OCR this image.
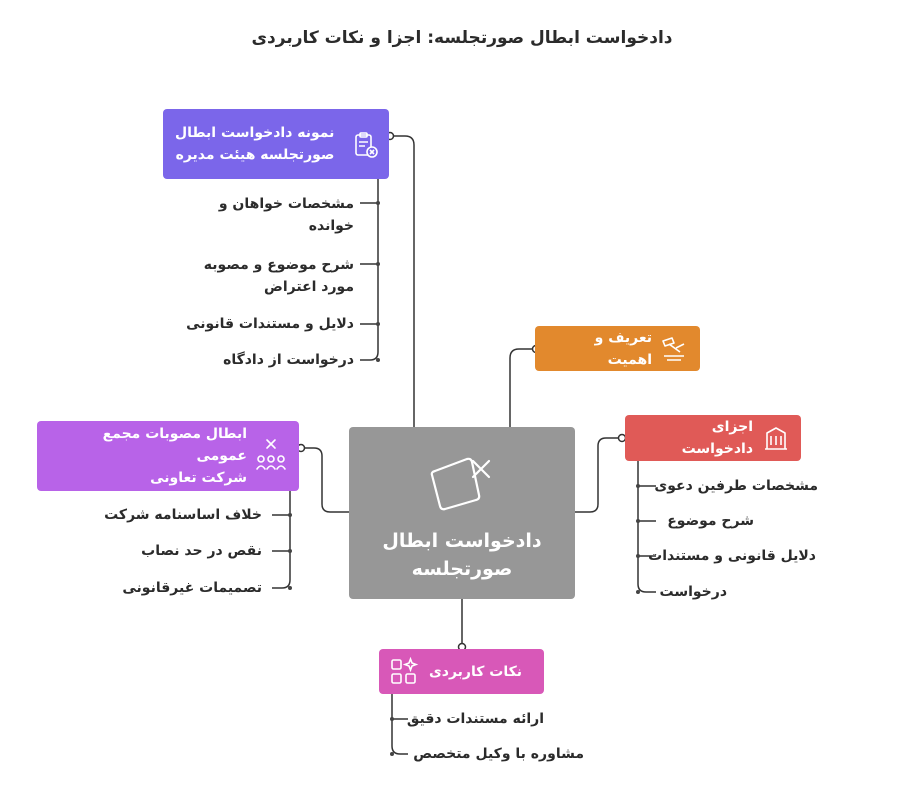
دادخواست ابطال صورتجلسه: اجزا و نکات کاربردی
دادخواست ابطال
صورتجلسه
نمونه دادخواست ابطال
صورتجلسه هیئت مدیره
تعریف و اهمیت
اجزای دادخواست
ابطال مصوبات مجمع عمومی
شرکت تعاونی
نکات کاربردی
مشخصات خواهان و
خوانده
شرح موضوع و مصوبه
مورد اعتراض
دلایل و مستندات قانونی
درخواست از دادگاه
مشخصات طرفین دعوی
شرح موضوع
دلایل قانونی و مستندات
درخواست
خلاف اساسنامه شرکت
نقص در حد نصاب
تصمیمات غیرقانونی
ارائه مستندات دقیق
مشاوره با وکیل متخصص
